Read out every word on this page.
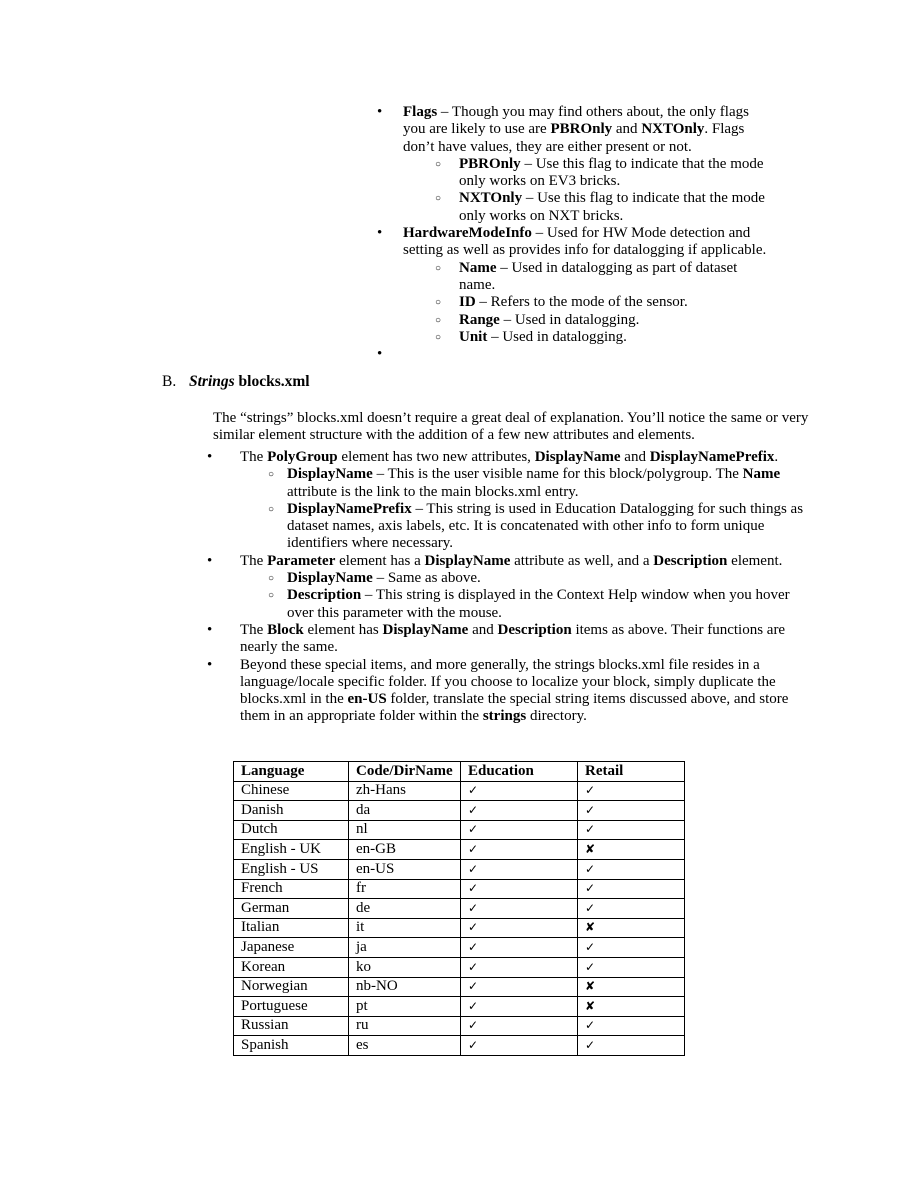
•	Flags – Though you may find others about, the only flags you are likely to use are PBROnly and NXTOnly. Flags don’t have values, they are either present or not.
○	PBROnly – Use this flag to indicate that the mode only works on EV3 bricks.
○	NXTOnly – Use this flag to indicate that the mode only works on NXT bricks.
•	HardwareModeInfo – Used for HW Mode detection and setting as well as provides info for datalogging if applicable.
○	Name – Used in datalogging as part of dataset name.
○	ID – Refers to the mode of the sensor.
○	Range – Used in datalogging.
○	Unit – Used in datalogging.
•
B. Strings blocks.xml
The “strings” blocks.xml doesn’t require a great deal of explanation. You’ll notice the same or very similar element structure with the addition of a few new attributes and elements.
•	The PolyGroup element has two new attributes, DisplayName and DisplayNamePrefix.
○ DisplayName – This is the user visible name for this block/polygroup. The Name attribute is the link to the main blocks.xml entry.
○ DisplayNamePrefix – This string is used in Education Datalogging for such things as dataset names, axis labels, etc. It is concatenated with other info to form unique identifiers where necessary.
•	The Parameter element has a DisplayName attribute as well, and a Description element.
○ DisplayName – Same as above.
○ Description – This string is displayed in the Context Help window when you hover over this parameter with the mouse.
•	The Block element has DisplayName and Description items as above. Their functions are nearly the same.
•	Beyond these special items, and more generally, the strings blocks.xml file resides in a language/locale specific folder. If you choose to localize your block, simply duplicate the blocks.xml in the en-US folder, translate the special string items discussed above, and store them in an appropriate folder within the strings directory.
Language	Code/DirName	Education	Retail
Chinese	zh-Hans	✓	✓
Danish	da	✓	✓
Dutch	nl	✓	✓
English - UK	en-GB	✓	✘
English - US	en-US	✓	✓
French	fr	✓	✓
German	de	✓	✓
Italian	it	✓	✘
Japanese	ja	✓	✓
Korean	ko	✓	✓
Norwegian	nb-NO	✓	✘
Portuguese	pt	✓	✘
Russian	ru	✓	✓
Spanish	es	✓	✓
